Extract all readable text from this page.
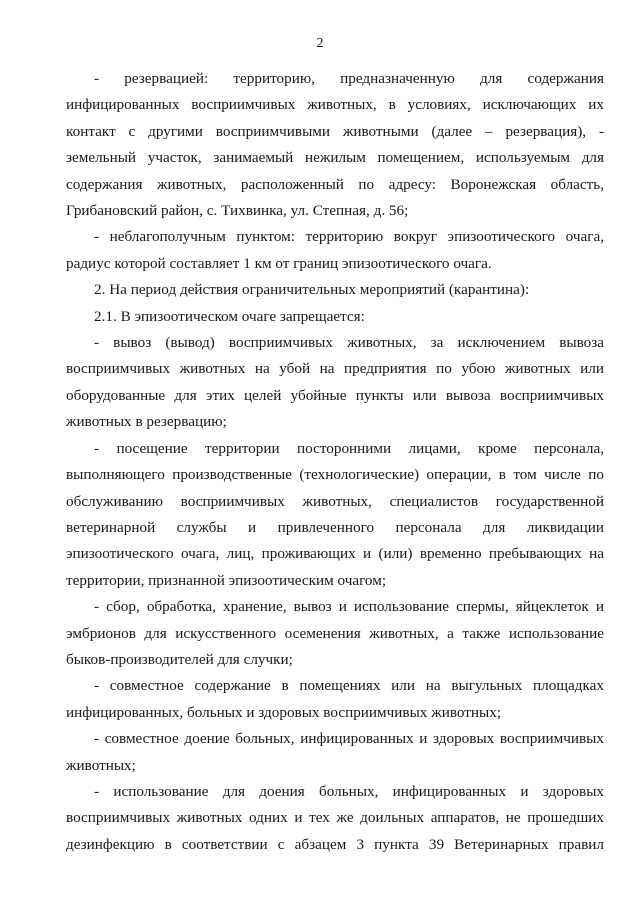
2

- резервацией: территорию, предназначенную для содержания инфицированных восприимчивых животных, в условиях, исключающих их контакт с другими восприимчивыми животными (далее – резервация), - земельный участок, занимаемый нежилым помещением, используемым для содержания животных, расположенный по адресу: Воронежская область, Грибановский район, с. Тихвинка, ул. Степная, д. 56;

- неблагополучным пунктом: территорию вокруг эпизоотического очага, радиус которой составляет 1 км от границ эпизоотического очага.

2. На период действия ограничительных мероприятий (карантина):

2.1. В эпизоотическом очаге запрещается:

- вывоз (вывод) восприимчивых животных, за исключением вывоза восприимчивых животных на убой на предприятия по убою животных или оборудованные для этих целей убойные пункты или вывоза восприимчивых животных в резервацию;

- посещение территории посторонними лицами, кроме персонала, выполняющего производственные (технологические) операции, в том числе по обслуживанию восприимчивых животных, специалистов государственной ветеринарной службы и привлеченного персонала для ликвидации эпизоотического очага, лиц, проживающих и (или) временно пребывающих на территории, признанной эпизоотическим очагом;

- сбор, обработка, хранение, вывоз и использование спермы, яйцеклеток и эмбрионов для искусственного осеменения животных, а также использование быков-производителей для случки;

- совместное содержание в помещениях или на выгульных площадках инфицированных, больных и здоровых восприимчивых животных;

- совместное доение больных, инфицированных и здоровых восприимчивых животных;

- использование для доения больных, инфицированных и здоровых восприимчивых животных одних и тех же доильных аппаратов, не прошедших дезинфекцию в соответствии с абзацем 3 пункта 39 Ветеринарных правил
